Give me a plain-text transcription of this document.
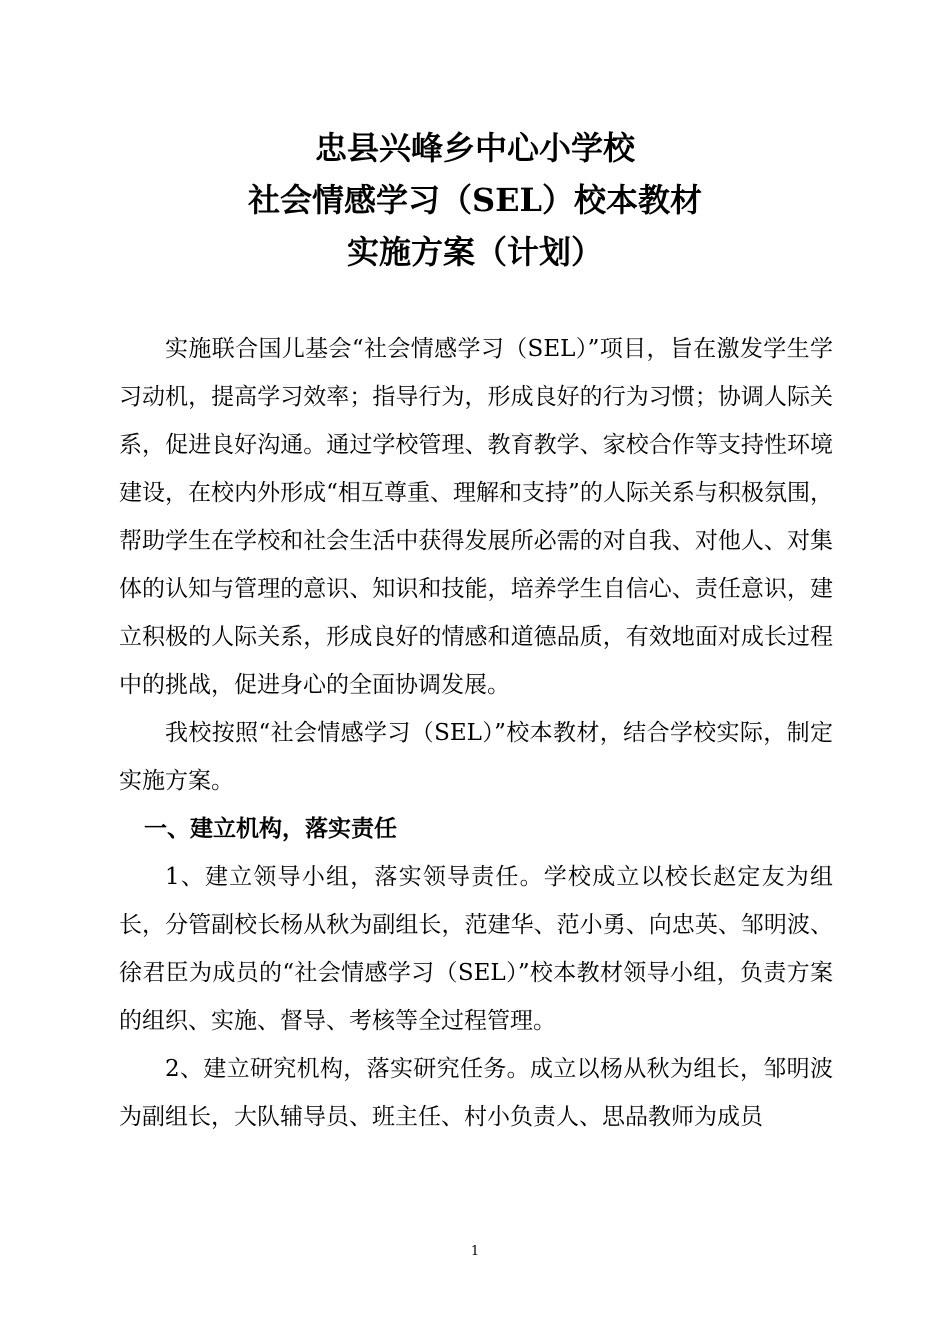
忠县兴峰乡中心小学校
社会情感学习（SEL）校本教材
实施方案（计划）

实施联合国儿基会“社会情感学习（SEL）”项目，旨在激发学生学习动机，提高学习效率；指导行为，形成良好的行为习惯；协调人际关系，促进良好沟通。通过学校管理、教育教学、家校合作等支持性环境建设，在校内外形成“相互尊重、理解和支持”的人际关系与积极氛围，帮助学生在学校和社会生活中获得发展所必需的对自我、对他人、对集体的认知与管理的意识、知识和技能，培养学生自信心、责任意识，建立积极的人际关系，形成良好的情感和道德品质，有效地面对成长过程中的挑战，促进身心的全面协调发展。

我校按照“社会情感学习（SEL）”校本教材，结合学校实际，制定实施方案。

一、建立机构，落实责任

1、建立领导小组，落实领导责任。学校成立以校长赵定友为组长，分管副校长杨从秋为副组长，范建华、范小勇、向忠英、邹明波、徐君臣为成员的“社会情感学习（SEL）”校本教材领导小组，负责方案的组织、实施、督导、考核等全过程管理。

2、建立研究机构，落实研究任务。成立以杨从秋为组长，邹明波为副组长，大队辅导员、班主任、村小负责人、思品教师为成员

1
